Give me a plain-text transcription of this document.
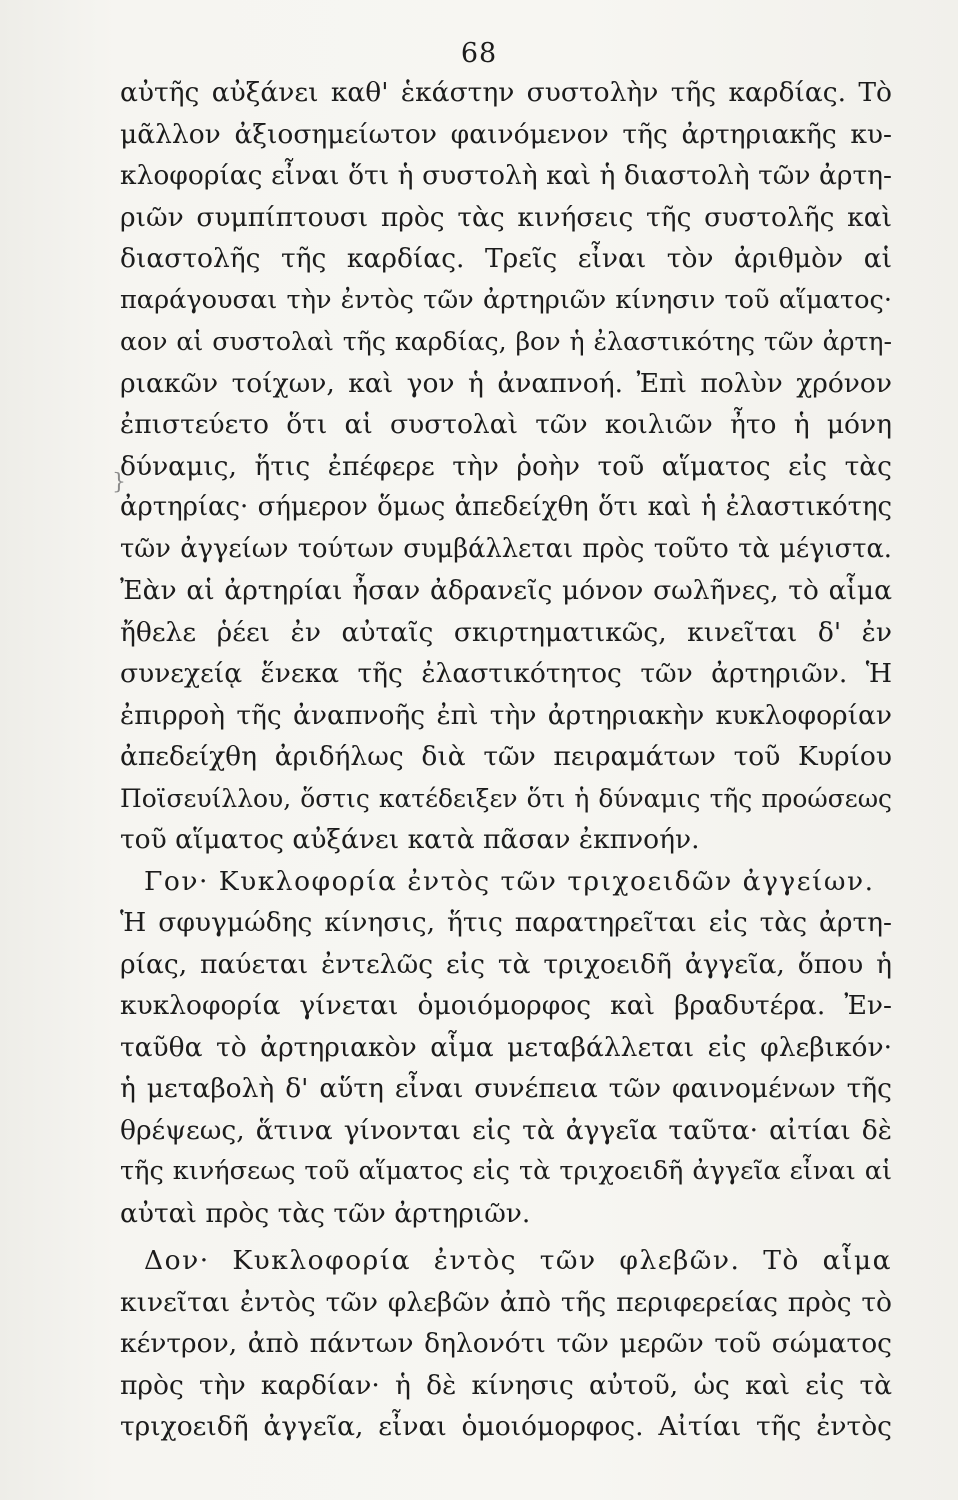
68
}
αὐτῆς αὐξάνει καθ' ἑκάστην συστολὴν τῆς καρδίας. Τὸ
μᾶλλον ἀξιοσημείωτον φαινόμενον τῆς ἀρτηριακῆς κυ-
κλοφορίας εἶναι ὅτι ἡ συστολὴ καὶ ἡ διαστολὴ τῶν ἀρτη-
ριῶν συμπίπτουσι πρὸς τὰς κινήσεις τῆς συστολῆς καὶ
διαστολῆς τῆς καρδίας. Τρεῖς εἶναι τὸν ἀριθμὸν αἱ
παράγουσαι τὴν ἐντὸς τῶν ἀρτηριῶν κίνησιν τοῦ αἵματος·
αον αἱ συστολαὶ τῆς καρδίας, βον ἡ ἐλαστικότης τῶν ἀρτη-
ριακῶν τοίχων, καὶ γον ἡ ἀναπνοή. Ἐπὶ πολὺν χρόνον
ἐπιστεύετο ὅτι αἱ συστολαὶ τῶν κοιλιῶν ἦτο ἡ μόνη
δύναμις, ἥτις ἐπέφερε τὴν ῥοὴν τοῦ αἵματος εἰς τὰς
ἀρτηρίας· σήμερον ὅμως ἀπεδείχθη ὅτι καὶ ἡ ἐλαστικότης
τῶν ἀγγείων τούτων συμβάλλεται πρὸς τοῦτο τὰ μέγιστα.
Ἐὰν αἱ ἀρτηρίαι ἦσαν ἀδρανεῖς μόνον σωλῆνες, τὸ αἷμα
ἤθελε ῥέει ἐν αὐταῖς σκιρτηματικῶς, κινεῖται δ' ἐν
συνεχείᾳ ἕνεκα τῆς ἐλαστικότητος τῶν ἀρτηριῶν. Ἡ
ἐπιρροὴ τῆς ἀναπνοῆς ἐπὶ τὴν ἀρτηριακὴν κυκλοφορίαν
ἀπεδείχθη ἀριδήλως διὰ τῶν πειραμάτων τοῦ Κυρίου
Ποϊσευίλλου, ὅστις κατέδειξεν ὅτι ἡ δύναμις τῆς προώσεως
τοῦ αἵματος αὐξάνει κατὰ πᾶσαν ἐκπνοήν.
Γον· Κυκλοφορία ἐντὸς τῶν τριχοειδῶν ἀγγείων.
Ἡ σφυγμώδης κίνησις, ἥτις παρατηρεῖται εἰς τὰς ἀρτη-
ρίας, παύεται ἐντελῶς εἰς τὰ τριχοειδῆ ἀγγεῖα, ὅπου ἡ
κυκλοφορία γίνεται ὁμοιόμορφος καὶ βραδυτέρα. Ἐν-
ταῦθα τὸ ἀρτηριακὸν αἷμα μεταβάλλεται εἰς φλεβικόν·
ἡ μεταβολὴ δ' αὕτη εἶναι συνέπεια τῶν φαινομένων τῆς
θρέψεως, ἅτινα γίνονται εἰς τὰ ἀγγεῖα ταῦτα· αἰτίαι δὲ
τῆς κινήσεως τοῦ αἵματος εἰς τὰ τριχοειδῆ ἀγγεῖα εἶναι αἱ
αὐταὶ πρὸς τὰς τῶν ἀρτηριῶν.
Δον· Κυκλοφορία ἐντὸς τῶν φλεβῶν. Τὸ αἷμα
κινεῖται ἐντὸς τῶν φλεβῶν ἀπὸ τῆς περιφερείας πρὸς τὸ
κέντρον, ἀπὸ πάντων δηλονότι τῶν μερῶν τοῦ σώματος
πρὸς τὴν καρδίαν· ἡ δὲ κίνησις αὐτοῦ, ὡς καὶ εἰς τὰ
τριχοειδῆ ἀγγεῖα, εἶναι ὁμοιόμορφος. Αἰτίαι τῆς ἐντὸς
